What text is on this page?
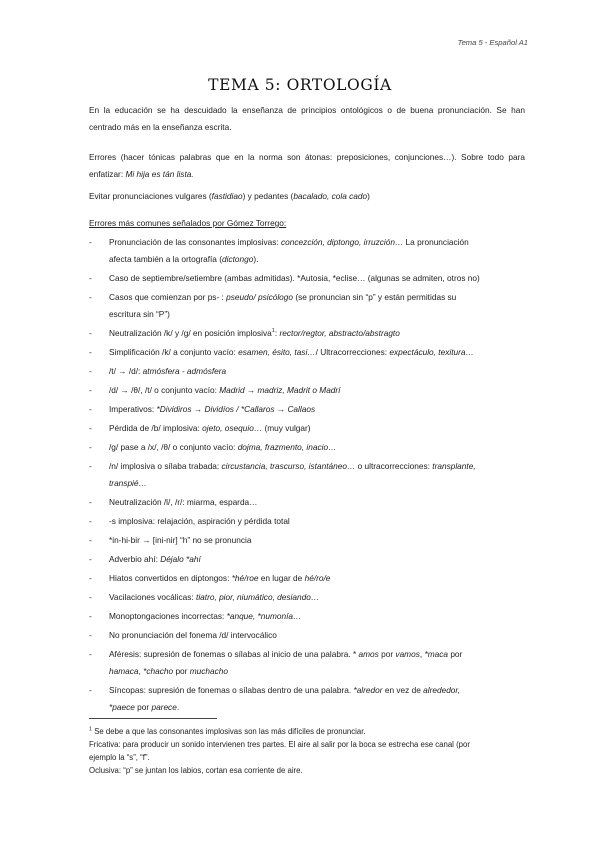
Tema 5 - Español A1
TEMA 5: ORTOLOGÍA
En la educación se ha descuidado la enseñanza de principios ontológicos o de buena pronunciación. Se han
centrado más en la enseñanza escrita.
Errores (hacer tónicas palabras que en la norma son átonas: preposiciones, conjunciones…). Sobre todo para
enfatizar: Mi hija es tán lista.
Evitar pronunciaciones vulgares (fastidiao) y pedantes (bacalado, cola cado)
Errores más comunes señalados por Gómez Torrego:
- Pronunciación de las consonantes implosivas: concezción, diptongo, irruzción… La pronunciación
afecta también a la ortografía (dictongo).
- Caso de septiembre/setiembre (ambas admitidas). *Autosia, *eclise… (algunas se admiten, otros no)
- Casos que comienzan por ps- : pseudo/ psicólogo (se pronuncian sin “p” y están permitidas su
escritura sin “P”)
- Neutralización /k/ y /g/ en posición implosiva$^1$: rector/regtor, abstracto/abstragto
- Simplificación /k/ a conjunto vacío: esamen, ésito, tasi…/ Ultracorrecciones: expectáculo, texitura…
- /t/ → /d/: atmósfera - admósfera
- /d/ → /θ/, /t/ o conjunto vacío: Madrid → madriz, Madrit o Madrí
- Imperativos: *Dividiros → Dividíos / *Callaros → Callaos
- Pérdida de /b/ implosiva: ojeto, osequio… (muy vulgar)
- /g/ pase a /x/, /θ/ o conjunto vacío: dojma, frazmento, inacio…
- /n/ implosiva o sílaba trabada: circustancia, trascurso, istantáneo… o ultracorrecciones: transplante,
transpié…
- Neutralización /l/, /r/: miarma, esparda…
- -s implosiva: relajación, aspiración y pérdida total
- *in-hi-bir → [ini-nir] “h” no se pronuncia
- Adverbio ahí: Déjalo *ahí
- Hiatos convertidos en diptongos: *hé/roe en lugar de hé/ro/e
- Vacilaciones vocálicas: tiatro, pior, niumático, desiando…
- Monoptongaciones incorrectas: *anque, *numonía…
- No pronunciación del fonema /d/ intervocálico
- Aféresis: supresión de fonemas o sílabas al inicio de una palabra. * amos por vamos, *maca por
hamaca, *chacho por muchacho
- Síncopas: supresión de fonemas o sílabas dentro de una palabra. *alredor en vez de alrededor,
*paece por parece.

$^1$ Se debe a que las consonantes implosivas son las más difíciles de pronunciar.

Fricativa: para producir un sonido intervienen tres partes. El aire al salir por la boca se estrecha ese canal (por

ejemplo la “s”, “f”.

Oclusiva: “p” se juntan los labios, cortan esa corriente de aire.
